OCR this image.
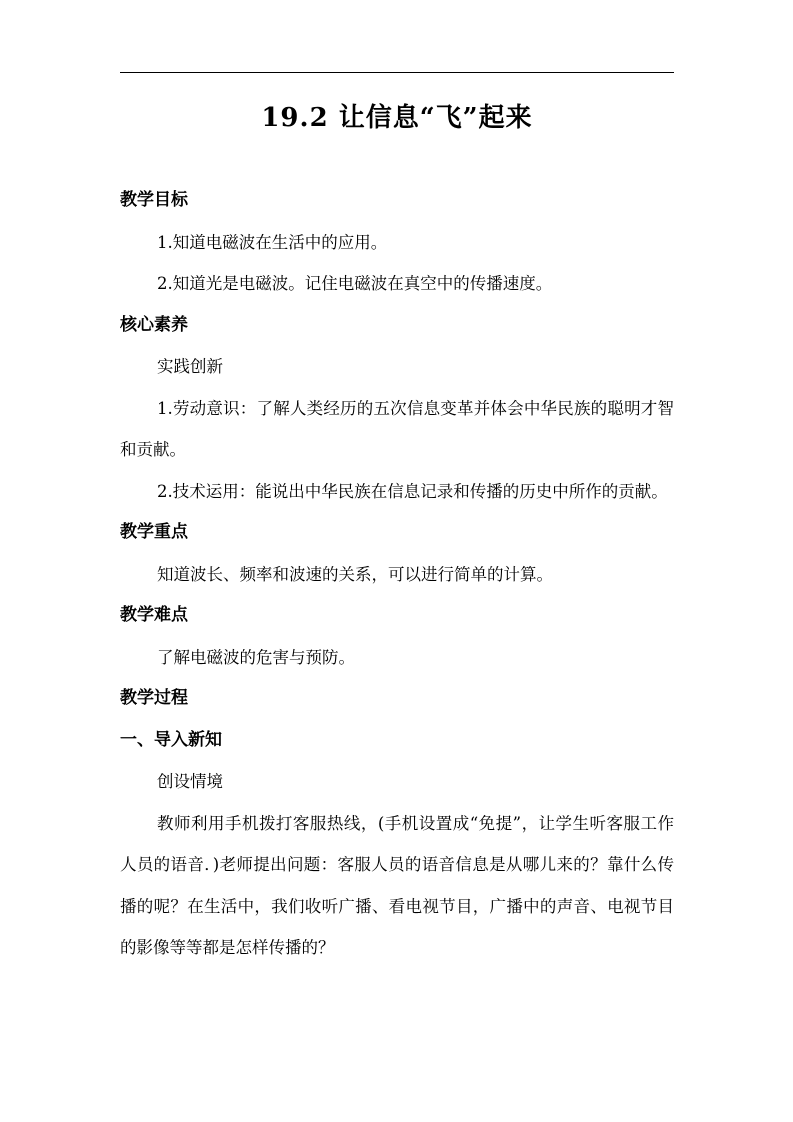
19.2 让信息“飞”起来
教学目标
1.知道电磁波在生活中的应用。
2.知道光是电磁波。记住电磁波在真空中的传播速度。
核心素养
实践创新
1.劳动意识：了解人类经历的五次信息变革并体会中华民族的聪明才智和贡献。
2.技术运用：能说出中华民族在信息记录和传播的历史中所作的贡献。
教学重点
知道波长、频率和波速的关系，可以进行简单的计算。
教学难点
了解电磁波的危害与预防。
教学过程
一、导入新知
创设情境
教师利用手机拨打客服热线，(手机设置成“免提”，让学生听客服工作人员的语音．)老师提出问题：客服人员的语音信息是从哪儿来的？靠什么传播的呢？在生活中，我们收听广播、看电视节目，广播中的声音、电视节目的影像等等都是怎样传播的？
